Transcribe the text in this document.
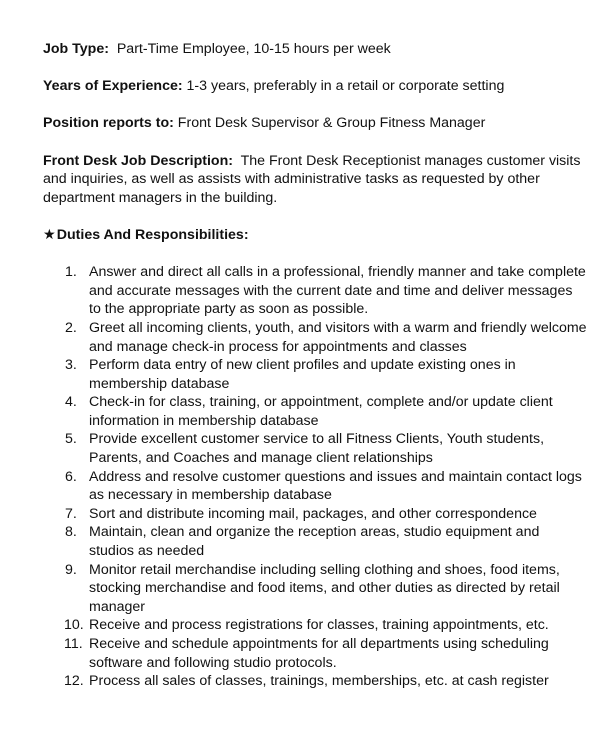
Job Type: Part-Time Employee, 10-15 hours per week

Years of Experience: 1-3 years, preferably in a retail or corporate setting

Position reports to: Front Desk Supervisor & Group Fitness Manager

Front Desk Job Description: The Front Desk Receptionist manages customer visits and inquiries, as well as assists with administrative tasks as requested by other department managers in the building.

★Duties And Responsibilities:

1. Answer and direct all calls in a professional, friendly manner and take complete and accurate messages with the current date and time and deliver messages to the appropriate party as soon as possible.
2. Greet all incoming clients, youth, and visitors with a warm and friendly welcome and manage check-in process for appointments and classes
3. Perform data entry of new client profiles and update existing ones in membership database
4. Check-in for class, training, or appointment, complete and/or update client information in membership database
5. Provide excellent customer service to all Fitness Clients, Youth students, Parents, and Coaches and manage client relationships
6. Address and resolve customer questions and issues and maintain contact logs as necessary in membership database
7. Sort and distribute incoming mail, packages, and other correspondence
8. Maintain, clean and organize the reception areas, studio equipment and studios as needed
9. Monitor retail merchandise including selling clothing and shoes, food items, stocking merchandise and food items, and other duties as directed by retail manager
10. Receive and process registrations for classes, training appointments, etc.
11. Receive and schedule appointments for all departments using scheduling software and following studio protocols.
12. Process all sales of classes, trainings, memberships, etc. at cash register
